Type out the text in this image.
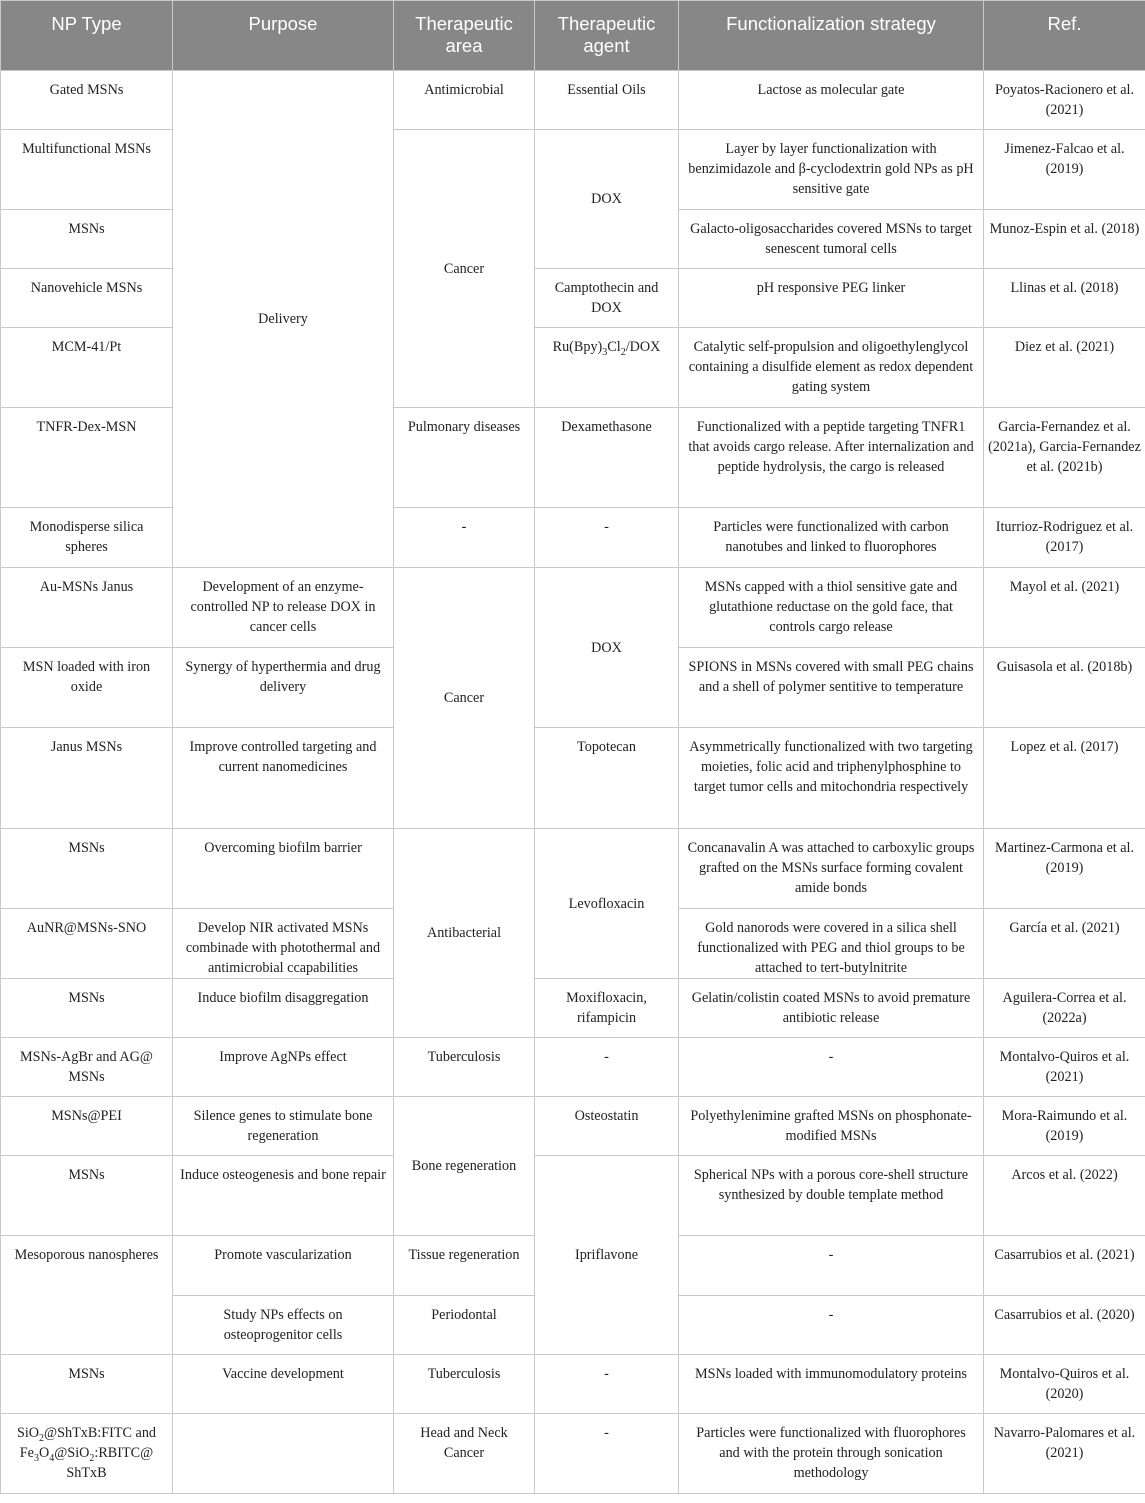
NP Type	Purpose	Therapeutic area	Therapeutic agent	Functionalization strategy	Ref.
Gated MSNs	Delivery	Antimicrobial	Essential Oils	Lactose as molecular gate	Poyatos-Racionero et al. (2021)
Multifunctional MSNs		Cancer	DOX	Layer by layer functionalization with benzimidazole and β-cyclodextrin gold NPs as pH sensitive gate	Jimenez-Falcao et al. (2019)
MSNs				Galacto-oligosaccharides covered MSNs to target senescent tumoral cells	Munoz-Espin et al. (2018)
Nanovehicle MSNs			Camptothecin and DOX	pH responsive PEG linker	Llinas et al. (2018)
MCM-41/Pt			$Ru(Bpy)_3Cl_2$/DOX	Catalytic self-propulsion and oligoethylenglycol containing a disulfide element as redox dependent gating system	Diez et al. (2021)
TNFR-Dex-MSN		Pulmonary diseases	Dexamethasone	Functionalized with a peptide targeting TNFR1 that avoids cargo release. After internalization and peptide hydrolysis, the cargo is released	Garcia-Fernandez et al. (2021a), Garcia-Fernandez et al. (2021b)
Monodisperse silica spheres		-	-	Particles were functionalized with carbon nanotubes and linked to fluorophores	Iturrioz-Rodriguez et al. (2017)
Au-MSNs Janus	Development of an enzyme-controlled NP to release DOX in cancer cells	Cancer	DOX	MSNs capped with a thiol sensitive gate and glutathione reductase on the gold face, that controls cargo release	Mayol et al. (2021)
MSN loaded with iron oxide	Synergy of hyperthermia and drug delivery			SPIONS in MSNs covered with small PEG chains and a shell of polymer sentitive to temperature	Guisasola et al. (2018b)
Janus MSNs	Improve controlled targeting and current nanomedicines		Topotecan	Asymmetrically functionalized with two targeting moieties, folic acid and triphenylphosphine to target tumor cells and mitochondria respectively	Lopez et al. (2017)
MSNs	Overcoming biofilm barrier	Antibacterial	Levofloxacin	Concanavalin A was attached to carboxylic groups grafted on the MSNs surface forming covalent amide bonds	Martinez-Carmona et al. (2019)
AuNR@MSNs-SNO	Develop NIR activated MSNs combinade with photothermal and antimicrobial ccapabilities			Gold nanorods were covered in a silica shell functionalized with PEG and thiol groups to be attached to tert-butylnitrite	García et al. (2021)
MSNs	Induce biofilm disaggregation		Moxifloxacin, rifampicin	Gelatin/colistin coated MSNs to avoid premature antibiotic release	Aguilera-Correa et al. (2022a)
MSNs-AgBr and AG@ MSNs	Improve AgNPs effect	Tuberculosis	-	-	Montalvo-Quiros et al. (2021)
MSNs@PEI	Silence genes to stimulate bone regeneration	Bone regeneration	Osteostatin	Polyethylenimine grafted MSNs on phosphonate-modified MSNs	Mora-Raimundo et al. (2019)
MSNs	Induce osteogenesis and bone repair		Ipriflavone	Spherical NPs with a porous core-shell structure synthesized by double template method	Arcos et al. (2022)
Mesoporous nanospheres	Promote vascularization	Tissue regeneration		-	Casarrubios et al. (2021)
	Study NPs effects on osteoprogenitor cells	Periodontal		-	Casarrubios et al. (2020)
MSNs	Vaccine development	Tuberculosis	-	MSNs loaded with immunomodulatory proteins	Montalvo-Quiros et al. (2020)
SiO$_2$@ShTxB:FITC and $Fe_3O_4@SiO_2:RBITC@$ ShTxB		Head and Neck Cancer	-	Particles were functionalized with fluorophores and with the protein through sonication methodology	Navarro-Palomares et al. (2021)
